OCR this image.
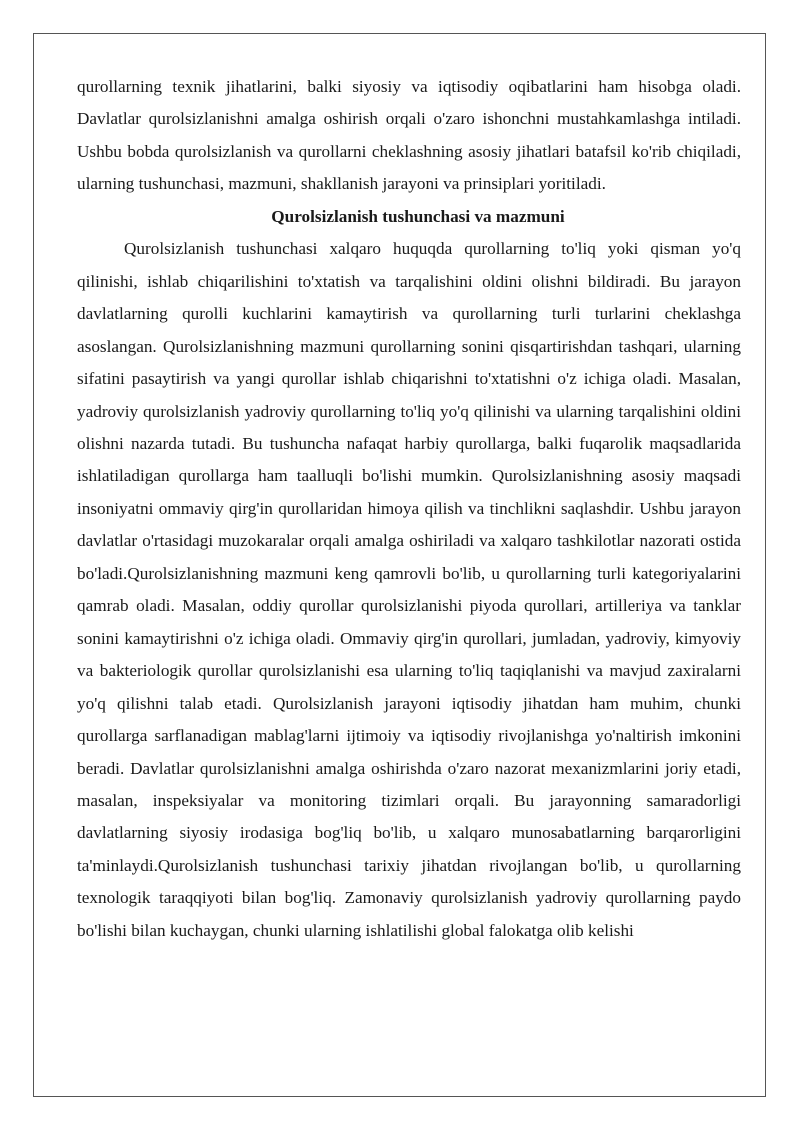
qurollarning texnik jihatlarini, balki siyosiy va iqtisodiy oqibatlarini ham hisobga oladi. Davlatlar qurolsizlanishni amalga oshirish orqali o'zaro ishonchni mustahkamlashga intiladi. Ushbu bobda qurolsizlanish va qurollarni cheklashning asosiy jihatlari batafsil ko'rib chiqiladi, ularning tushunchasi, mazmuni, shakllanish jarayoni va prinsiplari yoritiladi.

Qurolsizlanish tushunchasi va mazmuni

Qurolsizlanish tushunchasi xalqaro huquqda qurollarning to'liq yoki qisman yo'q qilinishi, ishlab chiqarilishini to'xtatish va tarqalishini oldini olishni bildiradi. Bu jarayon davlatlarning qurolli kuchlarini kamaytirish va qurollarning turli turlarini cheklashga asoslangan. Qurolsizlanishning mazmuni qurollarning sonini qisqartirishdan tashqari, ularning sifatini pasaytirish va yangi qurollar ishlab chiqarishni to'xtatishni o'z ichiga oladi. Masalan, yadroviy qurolsizlanish yadroviy qurollarning to'liq yo'q qilinishi va ularning tarqalishini oldini olishni nazarda tutadi. Bu tushuncha nafaqat harbiy qurollarga, balki fuqarolik maqsadlarida ishlatiladigan qurollarga ham taalluqli bo'lishi mumkin. Qurolsizlanishning asosiy maqsadi insoniyatni ommaviy qirg'in qurollaridan himoya qilish va tinchlikni saqlashdir. Ushbu jarayon davlatlar o'rtasidagi muzokaralar orqali amalga oshiriladi va xalqaro tashkilotlar nazorati ostida bo'ladi.Qurolsizlanishning mazmuni keng qamrovli bo'lib, u qurollarning turli kategoriyalarini qamrab oladi. Masalan, oddiy qurollar qurolsizlanishi piyoda qurollari, artilleriya va tanklar sonini kamaytirishni o'z ichiga oladi. Ommaviy qirg'in qurollari, jumladan, yadroviy, kimyoviy va bakteriologik qurollar qurolsizlanishi esa ularning to'liq taqiqlanishi va mavjud zaxiralarni yo'q qilishni talab etadi. Qurolsizlanish jarayoni iqtisodiy jihatdan ham muhim, chunki qurollarga sarflanadigan mablag'larni ijtimoiy va iqtisodiy rivojlanishga yo'naltirish imkonini beradi. Davlatlar qurolsizlanishni amalga oshirishda o'zaro nazorat mexanizmlarini joriy etadi, masalan, inspeksiyalar va monitoring tizimlari orqali. Bu jarayonning samaradorligi davlatlarning siyosiy irodasiga bog'liq bo'lib, u xalqaro munosabatlarning barqarorligini ta'minlaydi.Qurolsizlanish tushunchasi tarixiy jihatdan rivojlangan bo'lib, u qurollarning texnologik taraqqiyoti bilan bog'liq. Zamonaviy qurolsizlanish yadroviy qurollarning paydo bo'lishi bilan kuchaygan, chunki ularning ishlatilishi global falokatga olib kelishi
